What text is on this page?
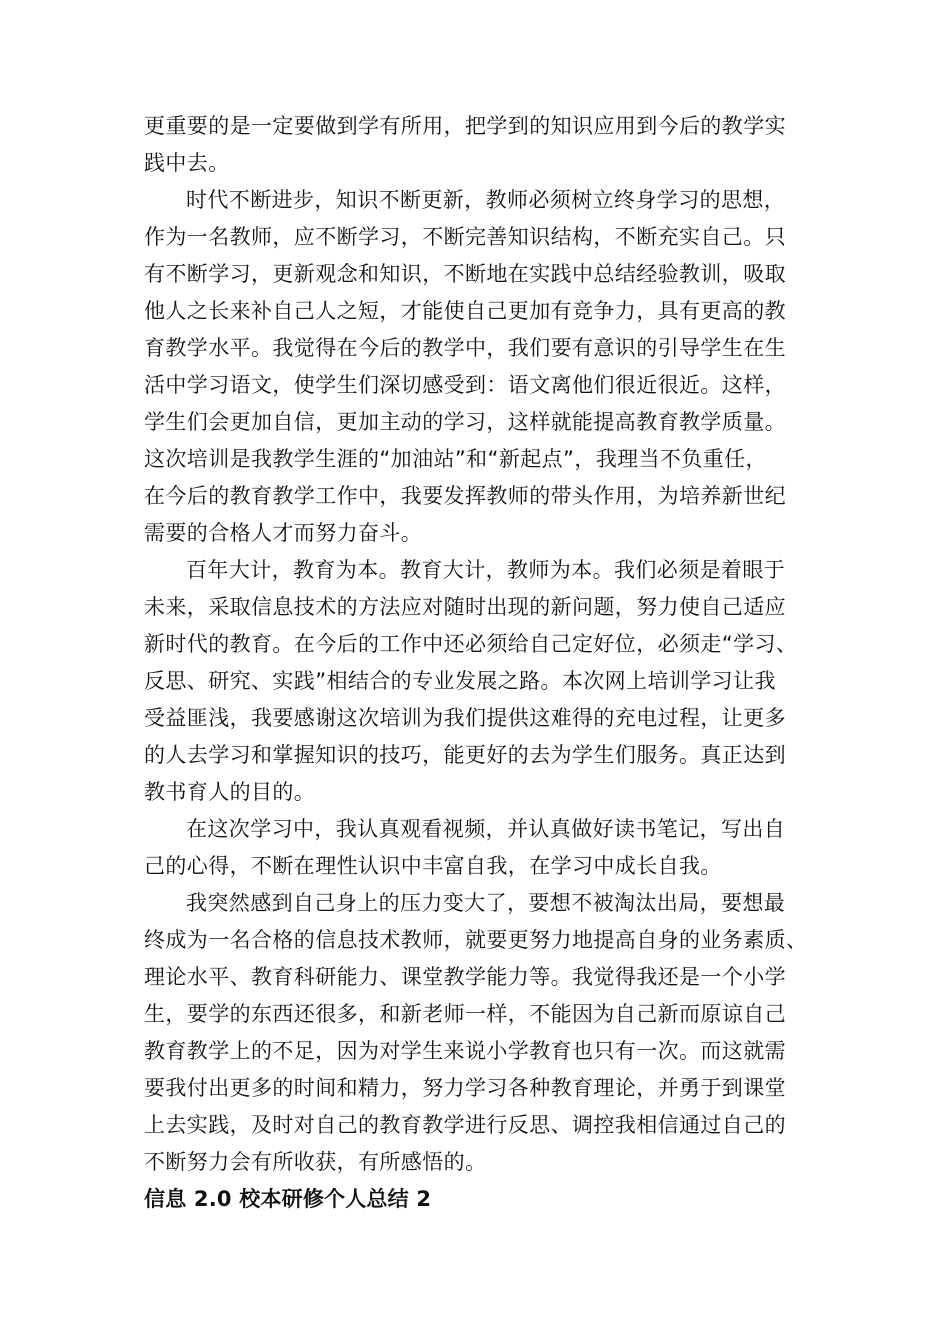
更重要的是一定要做到学有所用，把学到的知识应用到今后的教学实
践中去。

时代不断进步，知识不断更新，教师必须树立终身学习的思想，
作为一名教师，应不断学习，不断完善知识结构，不断充实自己。只
有不断学习，更新观念和知识，不断地在实践中总结经验教训，吸取
他人之长来补自己人之短，才能使自己更加有竞争力，具有更高的教
育教学水平。我觉得在今后的教学中，我们要有意识的引导学生在生
活中学习语文，使学生们深切感受到：语文离他们很近很近。这样，
学生们会更加自信，更加主动的学习，这样就能提高教育教学质量。
这次培训是我教学生涯的“加油站”和“新起点”，我理当不负重任，
在今后的教育教学工作中，我要发挥教师的带头作用，为培养新世纪
需要的合格人才而努力奋斗。

百年大计，教育为本。教育大计，教师为本。我们必须是着眼于
未来，采取信息技术的方法应对随时出现的新问题，努力使自己适应
新时代的教育。在今后的工作中还必须给自己定好位，必须走“学习、
反思、研究、实践”相结合的专业发展之路。本次网上培训学习让我
受益匪浅，我要感谢这次培训为我们提供这难得的充电过程，让更多
的人去学习和掌握知识的技巧，能更好的去为学生们服务。真正达到
教书育人的目的。

在这次学习中，我认真观看视频，并认真做好读书笔记，写出自
己的心得，不断在理性认识中丰富自我，在学习中成长自我。

我突然感到自己身上的压力变大了，要想不被淘汰出局，要想最
终成为一名合格的信息技术教师，就要更努力地提高自身的业务素质、
理论水平、教育科研能力、课堂教学能力等。我觉得我还是一个小学
生，要学的东西还很多，和新老师一样，不能因为自己新而原谅自己
教育教学上的不足，因为对学生来说小学教育也只有一次。而这就需
要我付出更多的时间和精力，努力学习各种教育理论，并勇于到课堂
上去实践，及时对自己的教育教学进行反思、调控我相信通过自己的
不断努力会有所收获，有所感悟的。

信息 2.0 校本研修个人总结 2
